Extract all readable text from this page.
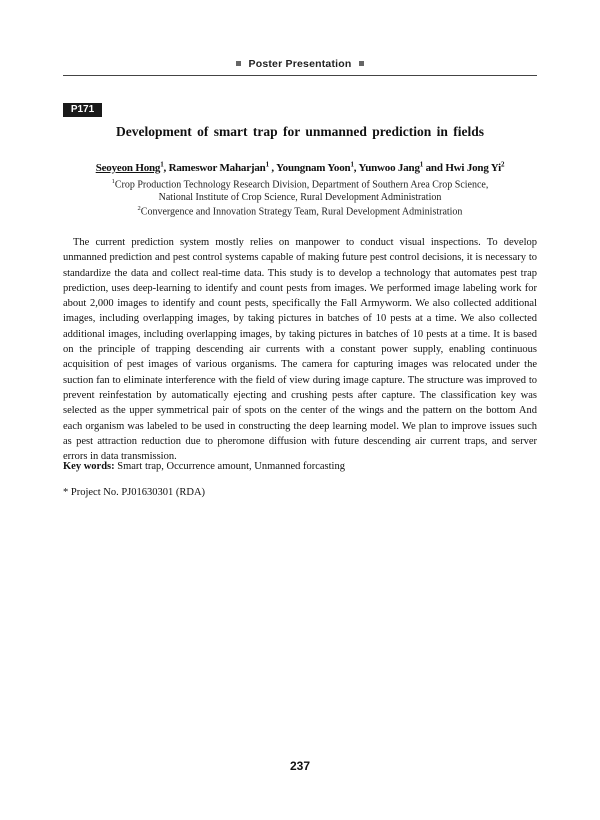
Poster Presentation
P171
Development of smart trap for unmanned prediction in fields
Seoyeon Hong$^1$, Rameswor Maharjan$^1$ , Youngnam Yoon$^1$, Yunwoo Jang$^1$ and Hwi Jong Yi$^2$
$^1$Crop Production Technology Research Division, Department of Southern Area Crop Science,
National Institute of Crop Science, Rural Development Administration
$^2$Convergence and Innovation Strategy Team, Rural Development Administration
The current prediction system mostly relies on manpower to conduct visual inspections. To develop unmanned prediction and pest control systems capable of making future pest control decisions, it is necessary to standardize the data and collect real-time data. This study is to develop a technology that automates pest trap prediction, uses deep-learning to identify and count pests from images. We performed image labeling work for about 2,000 images to identify and count pests, specifically the Fall Armyworm. We also collected additional images, including overlapping images, by taking pictures in batches of 10 pests at a time. We also collected additional images, including overlapping images, by taking pictures in batches of 10 pests at a time. It is based on the principle of trapping descending air currents with a constant power supply, enabling continuous acquisition of pest images of various organisms. The camera for capturing images was relocated under the suction fan to eliminate interference with the field of view during image capture. The structure was improved to prevent reinfestation by automatically ejecting and crushing pests after capture. The classification key was selected as the upper symmetrical pair of spots on the center of the wings and the pattern on the bottom And each organism was labeled to be used in constructing the deep learning model. We plan to improve issues such as pest attraction reduction due to pheromone diffusion with future descending air current traps, and server errors in data transmission.
Key words: Smart trap, Occurrence amount, Unmanned forcasting
* Project No. PJ01630301 (RDA)
237
